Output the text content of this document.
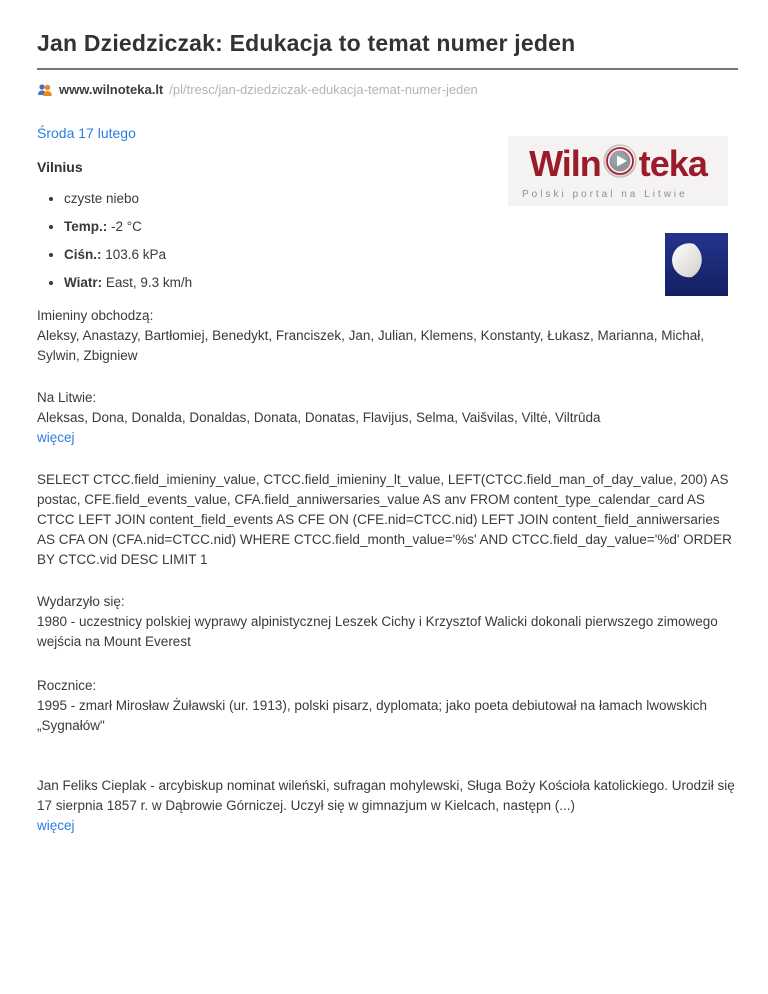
Jan Dziedziczak: Edukacja to temat numer jeden
www.wilnoteka.lt /pl/tresc/jan-dziedziczak-edukacja-temat-numer-jeden
Środa 17 lutego
Vilnius
• czyste niebo
• Temp.: -2 °C
• Ciśn.: 103.6 kPa
• Wiatr: East, 9.3 km/h

Imieniny obchodzą:
Aleksy, Anastazy, Bartłomiej, Benedykt, Franciszek, Jan, Julian, Klemens, Konstanty, Łukasz, Marianna, Michał, Sylwin, Zbigniew

Na Litwie:
Aleksas, Dona, Donalda, Donaldas, Donata, Donatas, Flavijus, Selma, Vaišvilas, Viltė, Viltrūda
więcej

SELECT CTCC.field_imieniny_value, CTCC.field_imieniny_lt_value, LEFT(CTCC.field_man_of_day_value, 200) AS postac, CFE.field_events_value, CFA.field_anniwersaries_value AS anv FROM content_type_calendar_card AS CTCC LEFT JOIN content_field_events AS CFE ON (CFE.nid=CTCC.nid) LEFT JOIN content_field_anniwersaries AS CFA ON (CFA.nid=CTCC.nid) WHERE CTCC.field_month_value='%s' AND CTCC.field_day_value='%d' ORDER BY CTCC.vid DESC LIMIT 1

Wydarzyło się:
1980 - uczestnicy polskiej wyprawy alpinistycznej Leszek Cichy i Krzysztof Walicki dokonali pierwszego zimowego wejścia na Mount Everest

Rocznice:
1995 - zmarł Mirosław Żuławski (ur. 1913), polski pisarz, dyplomata; jako poeta debiutował na łamach lwowskich „Sygnałów"

Jan Feliks Cieplak - arcybiskup nominat wileński, sufragan mohylewski, Sługa Boży Kościoła katolickiego. Urodził się 17 sierpnia 1857 r. w Dąbrowie Górniczej. Uczył się w gimnazjum w Kielcach, następn (...)
więcej

Wiln teka
Polski portal na Litwie
